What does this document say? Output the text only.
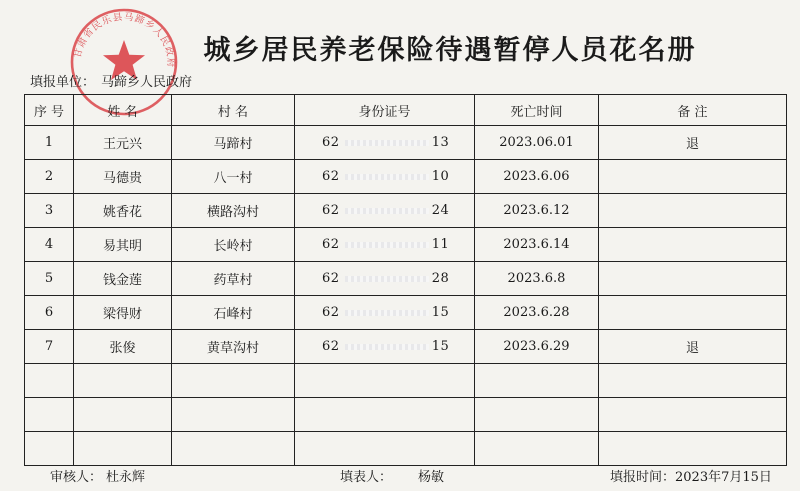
甘肃省民乐县马蹄乡人民政府	城乡居民养老保险待遇暂停人员花名册
填报单位： 马蹄乡人民政府
序 号	姓 名	村 名	身份证号	死亡时间	备 注
1	王元兴	马蹄村	62 13	2023.06.01	退
2	马德贵	八一村	62 10	2023.6.06	
3	姚香花	横路沟村	62 24	2023.6.12	
4	易其明	长岭村	62 11	2023.6.14	
5	钱金莲	药草村	62 28	2023.6.8	
6	梁得财	石峰村	62 15	2023.6.28	
7	张俊	黄草沟村	62 15	2023.6.29	退

审核人： 杜永辉	填表人： 杨敏	填报时间：2023年7月15日
